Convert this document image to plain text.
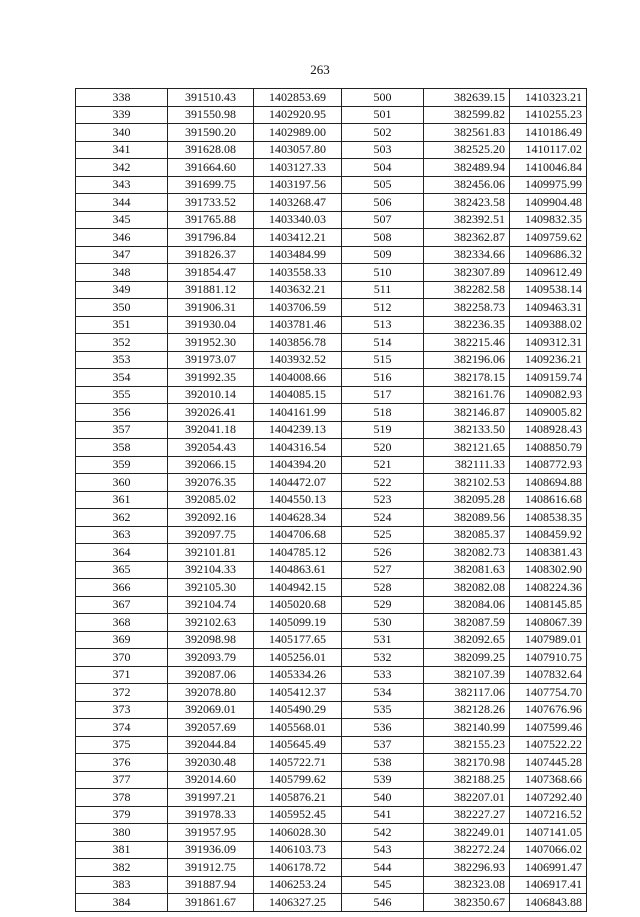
263
338	391510.43	1402853.69	500	382639.15	1410323.21
339	391550.98	1402920.95	501	382599.82	1410255.23
340	391590.20	1402989.00	502	382561.83	1410186.49
341	391628.08	1403057.80	503	382525.20	1410117.02
342	391664.60	1403127.33	504	382489.94	1410046.84
343	391699.75	1403197.56	505	382456.06	1409975.99
344	391733.52	1403268.47	506	382423.58	1409904.48
345	391765.88	1403340.03	507	382392.51	1409832.35
346	391796.84	1403412.21	508	382362.87	1409759.62
347	391826.37	1403484.99	509	382334.66	1409686.32
348	391854.47	1403558.33	510	382307.89	1409612.49
349	391881.12	1403632.21	511	382282.58	1409538.14
350	391906.31	1403706.59	512	382258.73	1409463.31
351	391930.04	1403781.46	513	382236.35	1409388.02
352	391952.30	1403856.78	514	382215.46	1409312.31
353	391973.07	1403932.52	515	382196.06	1409236.21
354	391992.35	1404008.66	516	382178.15	1409159.74
355	392010.14	1404085.15	517	382161.76	1409082.93
356	392026.41	1404161.99	518	382146.87	1409005.82
357	392041.18	1404239.13	519	382133.50	1408928.43
358	392054.43	1404316.54	520	382121.65	1408850.79
359	392066.15	1404394.20	521	382111.33	1408772.93
360	392076.35	1404472.07	522	382102.53	1408694.88
361	392085.02	1404550.13	523	382095.28	1408616.68
362	392092.16	1404628.34	524	382089.56	1408538.35
363	392097.75	1404706.68	525	382085.37	1408459.92
364	392101.81	1404785.12	526	382082.73	1408381.43
365	392104.33	1404863.61	527	382081.63	1408302.90
366	392105.30	1404942.15	528	382082.08	1408224.36
367	392104.74	1405020.68	529	382084.06	1408145.85
368	392102.63	1405099.19	530	382087.59	1408067.39
369	392098.98	1405177.65	531	382092.65	1407989.01
370	392093.79	1405256.01	532	382099.25	1407910.75
371	392087.06	1405334.26	533	382107.39	1407832.64
372	392078.80	1405412.37	534	382117.06	1407754.70
373	392069.01	1405490.29	535	382128.26	1407676.96
374	392057.69	1405568.01	536	382140.99	1407599.46
375	392044.84	1405645.49	537	382155.23	1407522.22
376	392030.48	1405722.71	538	382170.98	1407445.28
377	392014.60	1405799.62	539	382188.25	1407368.66
378	391997.21	1405876.21	540	382207.01	1407292.40
379	391978.33	1405952.45	541	382227.27	1407216.52
380	391957.95	1406028.30	542	382249.01	1407141.05
381	391936.09	1406103.73	543	382272.24	1407066.02
382	391912.75	1406178.72	544	382296.93	1406991.47
383	391887.94	1406253.24	545	382323.08	1406917.41
384	391861.67	1406327.25	546	382350.67	1406843.88
